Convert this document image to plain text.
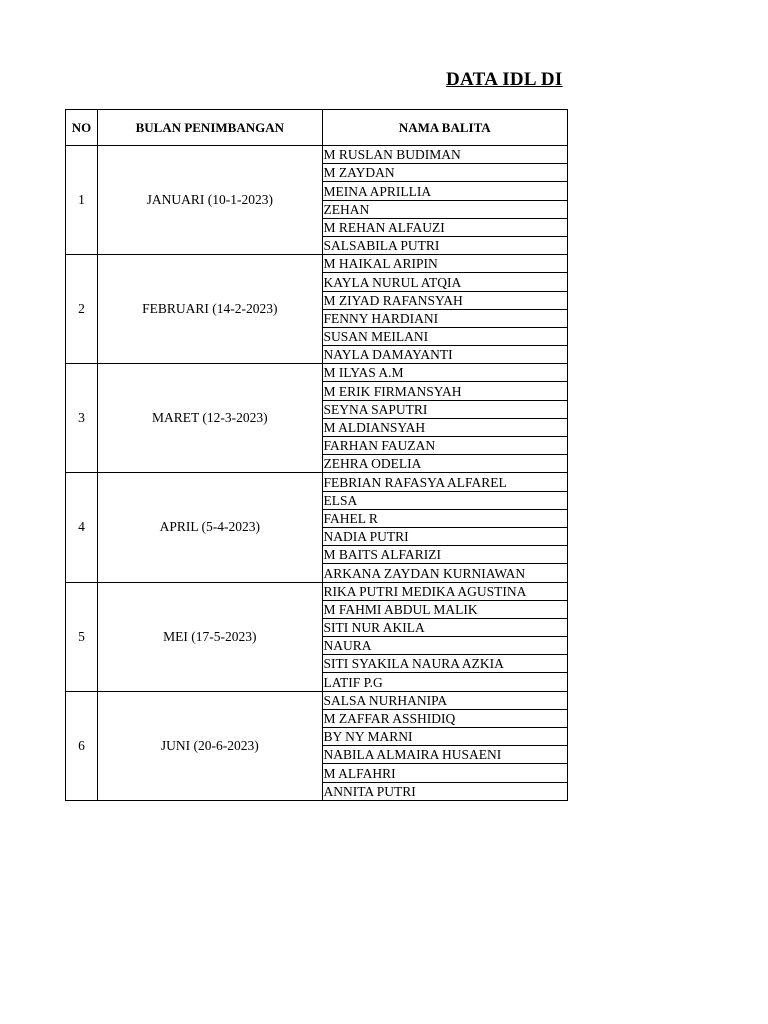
DATA IDL DI
NO	BULAN PENIMBANGAN	NAMA BALITA
1	JANUARI (10-1-2023)	M RUSLAN BUDIMAN
		M ZAYDAN
		MEINA APRILLIA
		ZEHAN
		M REHAN ALFAUZI
		SALSABILA PUTRI
2	FEBRUARI (14-2-2023)	M HAIKAL ARIPIN
		KAYLA NURUL ATQIA
		M ZIYAD RAFANSYAH
		FENNY HARDIANI
		SUSAN MEILANI
		NAYLA DAMAYANTI
3	MARET (12-3-2023)	M ILYAS A.M
		M ERIK FIRMANSYAH
		SEYNA SAPUTRI
		M ALDIANSYAH
		FARHAN FAUZAN
		ZEHRA ODELIA
4	APRIL (5-4-2023)	FEBRIAN RAFASYA ALFAREL
		ELSA
		FAHEL R
		NADIA PUTRI
		M BAITS ALFARIZI
		ARKANA ZAYDAN KURNIAWAN
5	MEI (17-5-2023)	RIKA PUTRI MEDIKA AGUSTINA
		M FAHMI ABDUL MALIK
		SITI NUR AKILA
		NAURA
		SITI SYAKILA NAURA AZKIA
		LATIF P.G
6	JUNI (20-6-2023)	SALSA NURHANIPA
		M ZAFFAR ASSHIDIQ
		BY NY MARNI
		NABILA ALMAIRA HUSAENI
		M ALFAHRI
		ANNITA PUTRI
